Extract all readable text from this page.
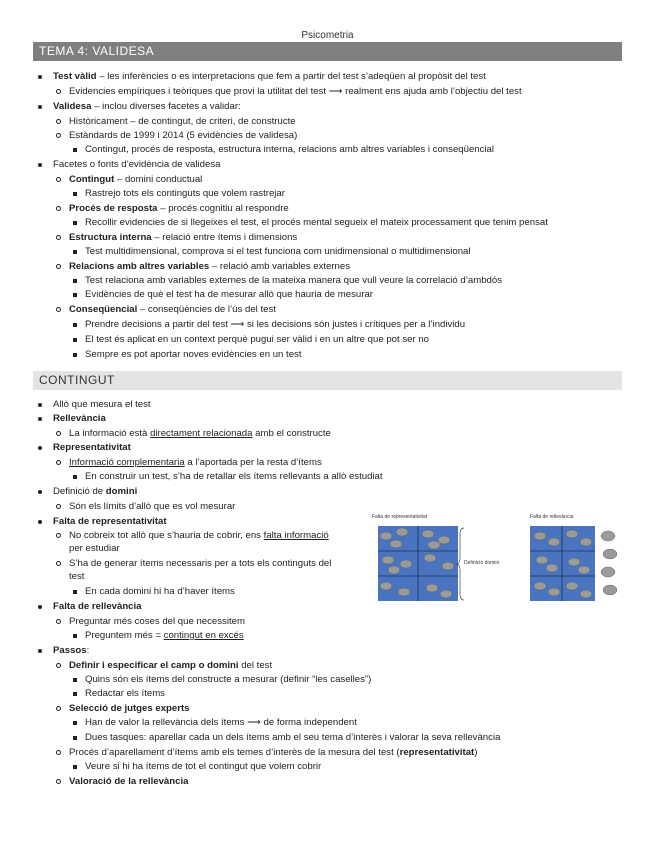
Psicometria
TEMA 4: VALIDESA
Test vàlid – les inferències o es interpretacions que fem a partir del test s’adeqüen al propòsit del test
Evidencies empíriques i teòriques que provi la utilitat del test ⟶ realment ens ajuda amb l’objectiu del test
Validesa – inclou diverses facetes a validar:
Històricament – de contingut, de criteri, de constructe
Estàndards de 1999 i 2014 (5 evidències de validesa)
Contingut, procés de resposta, estructura interna, relacions amb altres variables i conseqüencial
Facetes o fonts d’evidència de validesa
Contingut – domini conductual
Rastrejo tots els continguts que volem rastrejar
Procés de resposta – procés cognitiu al respondre
Recollir evidencies de si llegeixes el test, el procés mental segueix el mateix processament que tenim pensat
Estructura interna – relació entre ítems i dimensions
Test multidimensional, comprova si el test funciona com unidimensional o multidimensional
Relacions amb altres variables – relació amb variables externes
Test relaciona amb variables externes de la mateixa manera que vull veure la correlació d’ambdós
Evidències de què el test ha de mesurar allò que hauria de mesurar
Conseqüencial – conseqüències de l’ús del test
Prendre decisions a partir del test ⟶ si les decisions són justes i crítiques per a l’individu
El test és aplicat en un context perquè pugui ser vàlid i en un altre que pot ser no
Sempre es pot aportar noves evidències en un test
CONTINGUT
Allò que mesura el test
Rellevància
La informació està directament relacionada amb el constructe
Representativitat
Informació complementaria a l’aportada per la resta d’ítems
En construir un test, s’ha de retallar els ítems rellevants a allò estudiat
Definició de domini
Són els límits d’allò que es vol mesurar
Falta de representativitat
No cobreix tot allò que s’hauria de cobrir, ens falta informació
per estudiar
S’ha de generar ítems necessaris per a tots els continguts del
test
En cada domini hi ha d’haver ítems
Falta de rellevància
Preguntar més coses del que necessitem
Preguntem més = contingut en excés
Passos:
Definir i especificar el camp o domini del test
Quins són els ítems del constructe a mesurar (definir “les caselles”)
Redactar els ítems
Selecció de jutges experts
Han de valor la rellevància dels ítems ⟶ de forma independent
Dues tasques: aparellar cada un dels ítems amb el seu tema d’interès i valorar la seva rellevància
Procés d’aparellament d’ítems amb els temes d’interès de la mesura del test (representativitat)
Veure si hi ha ítems de tot el contingut que volem cobrir
Valoració de la rellevància
Falta de representativitat	Falta de rellevància
Definició domini
